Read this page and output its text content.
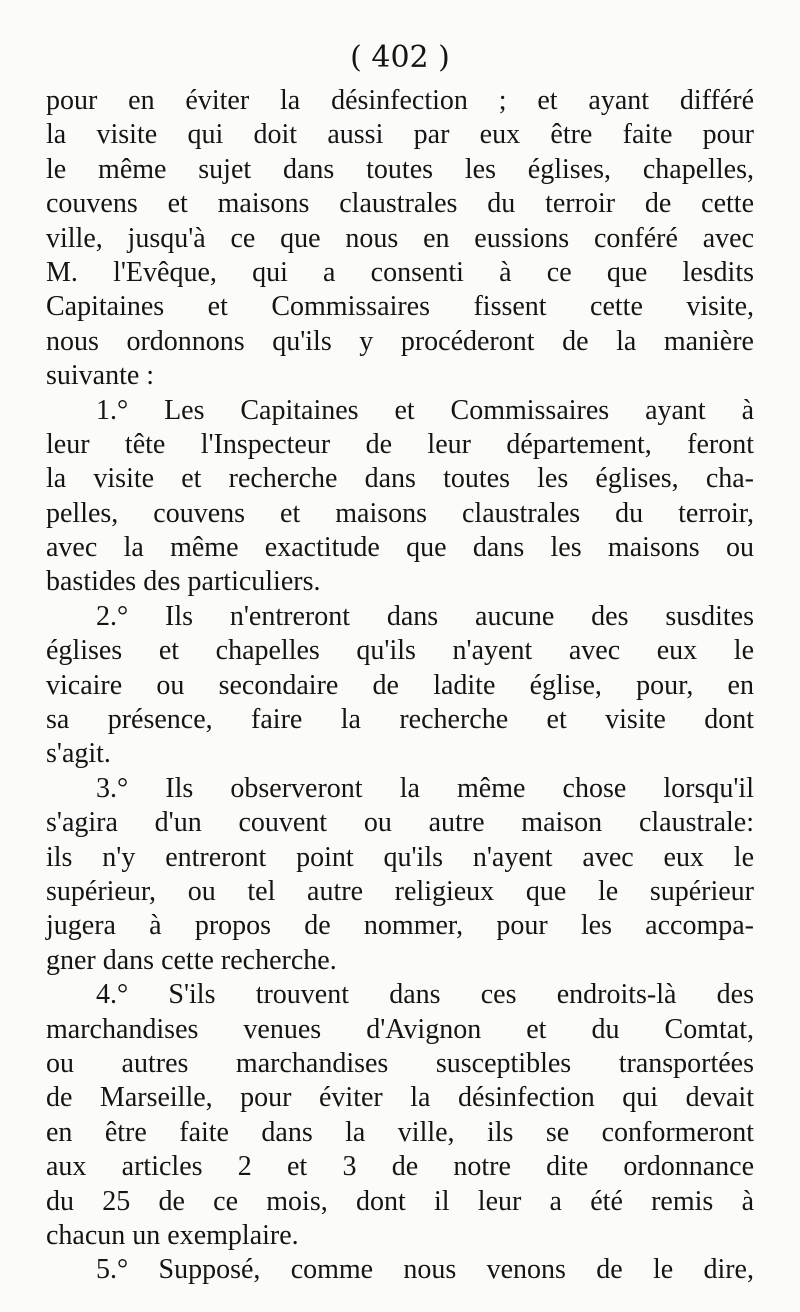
( 402 )
pour en éviter la désinfection ; et ayant différé
la visite qui doit aussi par eux être faite pour
le même sujet dans toutes les églises, chapelles,
couvens et maisons claustrales du terroir de cette
ville, jusqu'à ce que nous en eussions conféré avec
M. l'Evêque, qui a consenti à ce que lesdits
Capitaines et Commissaires fissent cette visite,
nous ordonnons qu'ils y procéderont de la manière
suivante :
1.° Les Capitaines et Commissaires ayant à
leur tête l'Inspecteur de leur département, feront
la visite et recherche dans toutes les églises, cha-
pelles, couvens et maisons claustrales du terroir,
avec la même exactitude que dans les maisons ou
bastides des particuliers.
2.° Ils n'entreront dans aucune des susdites
églises et chapelles qu'ils n'ayent avec eux le
vicaire ou secondaire de ladite église, pour, en
sa présence, faire la recherche et visite dont
s'agit.
3.° Ils observeront la même chose lorsqu'il
s'agira d'un couvent ou autre maison claustrale:
ils n'y entreront point qu'ils n'ayent avec eux le
supérieur, ou tel autre religieux que le supérieur
jugera à propos de nommer, pour les accompa-
gner dans cette recherche.
4.° S'ils trouvent dans ces endroits-là des
marchandises venues d'Avignon et du Comtat,
ou autres marchandises susceptibles transportées
de Marseille, pour éviter la désinfection qui devait
en être faite dans la ville, ils se conformeront
aux articles 2 et 3 de notre dite ordonnance
du 25 de ce mois, dont il leur a été remis à
chacun un exemplaire.
5.° Supposé, comme nous venons de le dire,
